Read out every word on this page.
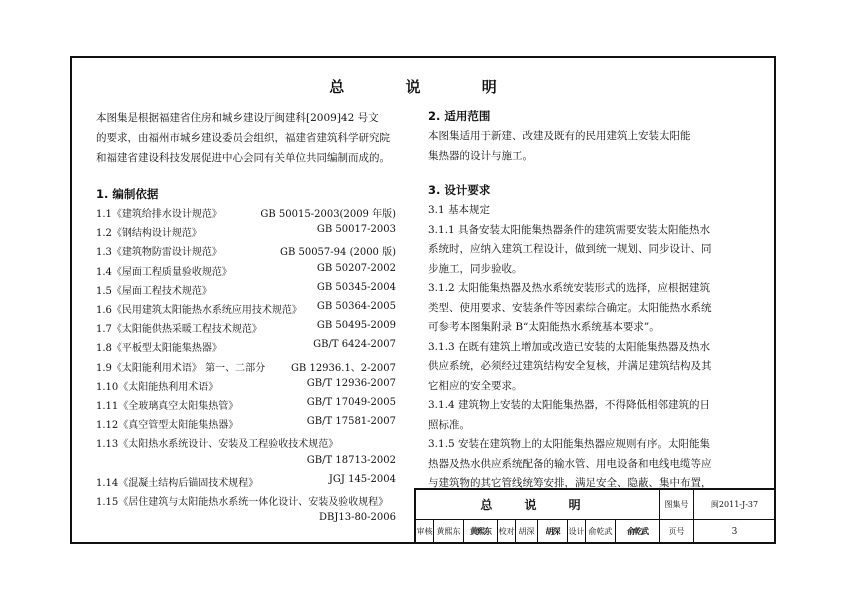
总 说 明
本图集是根据福建省住房和城乡建设厅闽建科[2009]42 号文
的要求，由福州市城乡建设委员会组织，福建省建筑科学研究院
和福建省建设科技发展促进中心会同有关单位共同编制而成的。
1. 编制依据
1.1《建筑给排水设计规范》	GB 50015-2003(2009 年版)
1.2《钢结构设计规范》	GB 50017-2003
1.3《建筑物防雷设计规范》	GB 50057-94 (2000 版)
1.4《屋面工程质量验收规范》	GB 50207-2002
1.5《屋面工程技术规范》	GB 50345-2004
1.6《民用建筑太阳能热水系统应用技术规范》 GB 50364-2005
1.7《太阳能供热采暖工程技术规范》	GB 50495-2009
1.8《平板型太阳能集热器》	GB/T 6424-2007
1.9《太阳能利用术语》 第一、二部分	GB 12936.1、2-2007
1.10《太阳能热利用术语》	GB/T 12936-2007
1.11《全玻璃真空太阳集热管》	GB/T 17049-2005
1.12《真空管型太阳能集热器》	GB/T 17581-2007
1.13《太阳热水系统设计、安装及工程验收技术规范》
GB/T 18713-2002
1.14《混凝土结构后锚固技术规程》	JGJ 145-2004
1.15《居住建筑与太阳能热水系统一体化设计、安装及验收规程》
DBJ13-80-2006
2. 适用范围
本图集适用于新建、改建及既有的民用建筑上安装太阳能
集热器的设计与施工。
3. 设计要求
3.1 基本规定
3.1.1 具备安装太阳能集热器条件的建筑需要安装太阳能热水
系统时，应纳入建筑工程设计，做到统一规划、同步设计、同
步施工，同步验收。
3.1.2 太阳能集热器及热水系统安装形式的选择，应根据建筑
类型、使用要求、安装条件等因素综合确定。太阳能热水系统
可参考本图集附录 B“太阳能热水系统基本要求”。
3.1.3 在既有建筑上增加或改造已安装的太阳能集热器及热水
供应系统，必须经过建筑结构安全复核，并满足建筑结构及其
它相应的安全要求。
3.1.4 建筑物上安装的太阳能集热器，不得降低相邻建筑的日
照标准。
3.1.5 安装在建筑物上的太阳能集热器应规则有序。太阳能集
热器及热水供应系统配备的输水管、用电设备和电线电缆等应
与建筑物的其它管线统筹安排，满足安全、隐蔽、集中布置，
总 说 明	图集号	闽2011-J-37
审核 黄熙东	黄熙东 校对 胡深	胡深	设计 俞乾武	俞乾武	页号	3
